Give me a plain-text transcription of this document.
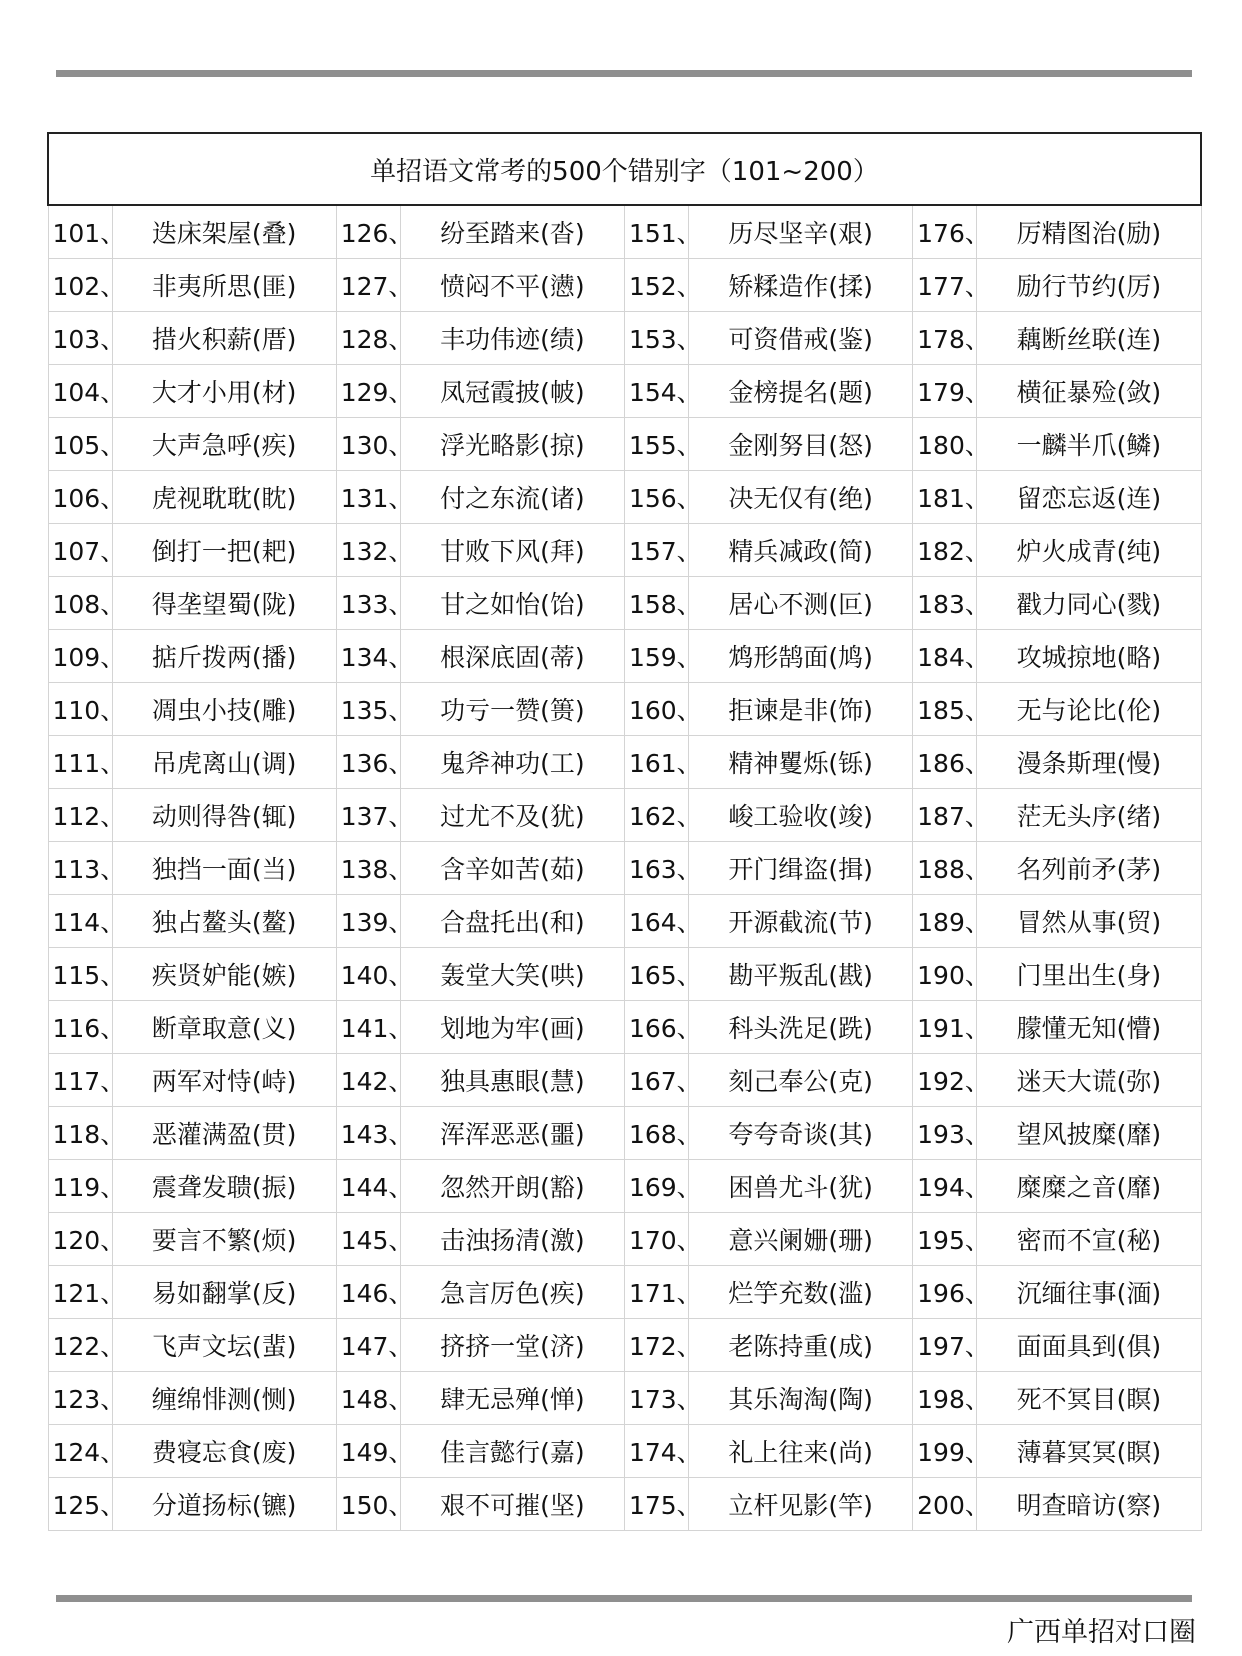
单招语文常考的500个错别字（101~200）							
101、	迭床架屋(叠)	126、	纷至踏来(沓)	151、	历尽坚辛(艰)	176、	厉精图治(励)
102、	非夷所思(匪)	127、	愤闷不平(懑)	152、	矫糅造作(揉)	177、	励行节约(厉)
103、	措火积薪(厝)	128、	丰功伟迹(绩)	153、	可资借戒(鉴)	178、	藕断丝联(连)
104、	大才小用(材)	129、	凤冠霞披(帔)	154、	金榜提名(题)	179、	横征暴殓(敛)
105、	大声急呼(疾)	130、	浮光略影(掠)	155、	金刚努目(怒)	180、	一麟半爪(鳞)
106、	虎视耽耽(眈)	131、	付之东流(诸)	156、	决无仅有(绝)	181、	留恋忘返(连)
107、	倒打一把(耙)	132、	甘败下风(拜)	157、	精兵减政(简)	182、	炉火成青(纯)
108、	得垄望蜀(陇)	133、	甘之如怡(饴)	158、	居心不测(叵)	183、	戳力同心(戮)
109、	掂斤拨两(播)	134、	根深底固(蒂)	159、	鸩形鹄面(鸠)	184、	攻城掠地(略)
110、	凋虫小技(雕)	135、	功亏一赞(篑)	160、	拒谏是非(饰)	185、	无与论比(伦)
111、	吊虎离山(调)	136、	鬼斧神功(工)	161、	精神矍烁(铄)	186、	漫条斯理(慢)
112、	动则得咎(辄)	137、	过尤不及(犹)	162、	峻工验收(竣)	187、	茫无头序(绪)
113、	独挡一面(当)	138、	含辛如苦(茹)	163、	开门缉盗(揖)	188、	名列前矛(茅)
114、	独占鳌头(鳌)	139、	合盘托出(和)	164、	开源截流(节)	189、	冒然从事(贸)
115、	疾贤妒能(嫉)	140、	轰堂大笑(哄)	165、	勘平叛乱(戡)	190、	门里出生(身)
116、	断章取意(义)	141、	划地为牢(画)	166、	科头洗足(跣)	191、	朦懂无知(懵)
117、	两军对恃(峙)	142、	独具惠眼(慧)	167、	刻己奉公(克)	192、	迷天大谎(弥)
118、	恶灌满盈(贯)	143、	浑浑恶恶(噩)	168、	夸夸奇谈(其)	193、	望风披糜(靡)
119、	震聋发聩(振)	144、	忽然开朗(豁)	169、	困兽尤斗(犹)	194、	糜糜之音(靡)
120、	要言不繁(烦)	145、	击浊扬清(激)	170、	意兴阑姗(珊)	195、	密而不宣(秘)
121、	易如翻掌(反)	146、	急言厉色(疾)	171、	烂竽充数(滥)	196、	沉缅往事(湎)
122、	飞声文坛(蜚)	147、	挤挤一堂(济)	172、	老陈持重(成)	197、	面面具到(俱)
123、	缠绵悱测(恻)	148、	肆无忌殚(惮)	173、	其乐淘淘(陶)	198、	死不冥目(瞑)
124、	费寝忘食(废)	149、	佳言懿行(嘉)	174、	礼上往来(尚)	199、	薄暮冥冥(瞑)
125、	分道扬标(镳)	150、	艰不可摧(坚)	175、	立杆见影(竿)	200、	明查暗访(察)
广西单招对口圈
